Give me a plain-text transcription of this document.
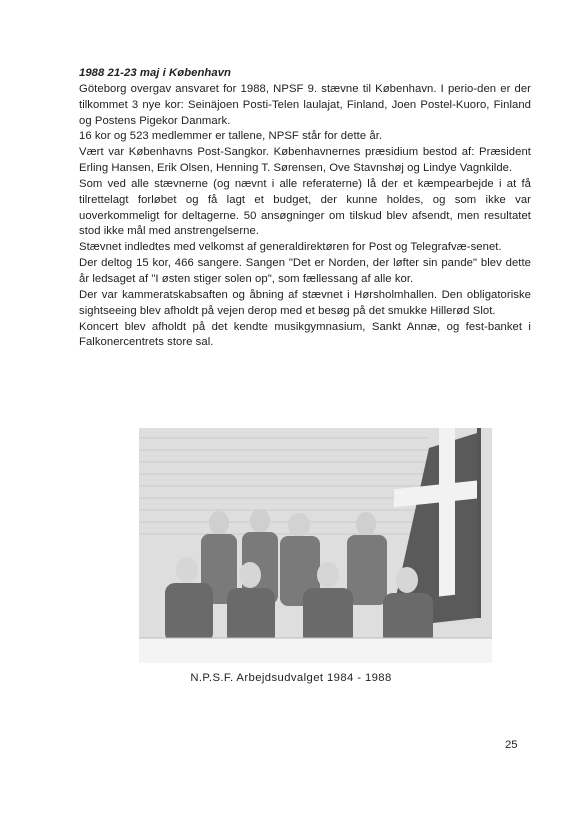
1988 21-23 maj i København

Göteborg overgav ansvaret for 1988, NPSF 9. stævne til København. I perio-den er der tilkommet 3 nye kor: Seinäjoen Posti-Telen laulajat, Finland, Joen Postel-Kuoro, Finland og Postens Pigekor Danmark.

16 kor og 523 medlemmer er tallene, NPSF står for dette år.

Vært var Københavns Post-Sangkor. Københavnernes præsidium bestod af: Præsident Erling Hansen, Erik Olsen, Henning T. Sørensen, Ove Stavnshøj og Lindye Vagnkilde.

Som ved alle stævnerne (og nævnt i alle referaterne) lå der et kæmpearbejde i at få tilrettelagt forløbet og få lagt et budget, der kunne holdes, og som ikke var uoverkommeligt for deltagerne. 50 ansøgninger om tilskud blev afsendt, men resultatet stod ikke mål med anstrengelserne.

Stævnet indledtes med velkomst af generaldirektøren for Post og Telegrafvæ-senet.

Der deltog 15 kor, 466 sangere. Sangen "Det er Norden, der løfter sin pande" blev dette år ledsaget af "I østen stiger solen op", som fællessang af alle kor.

Der var kammeratskabsaften og åbning af stævnet i Hørsholmhallen. Den obligatoriske sightseeing blev afholdt på vejen derop med et besøg på det smukke Hillerød Slot.

Koncert blev afholdt på det kendte musikgymnasium, Sankt Annæ, og fest-banket i Falkonercentrets store sal.

N.P.S.F. Arbejdsudvalget 1984 - 1988
25
